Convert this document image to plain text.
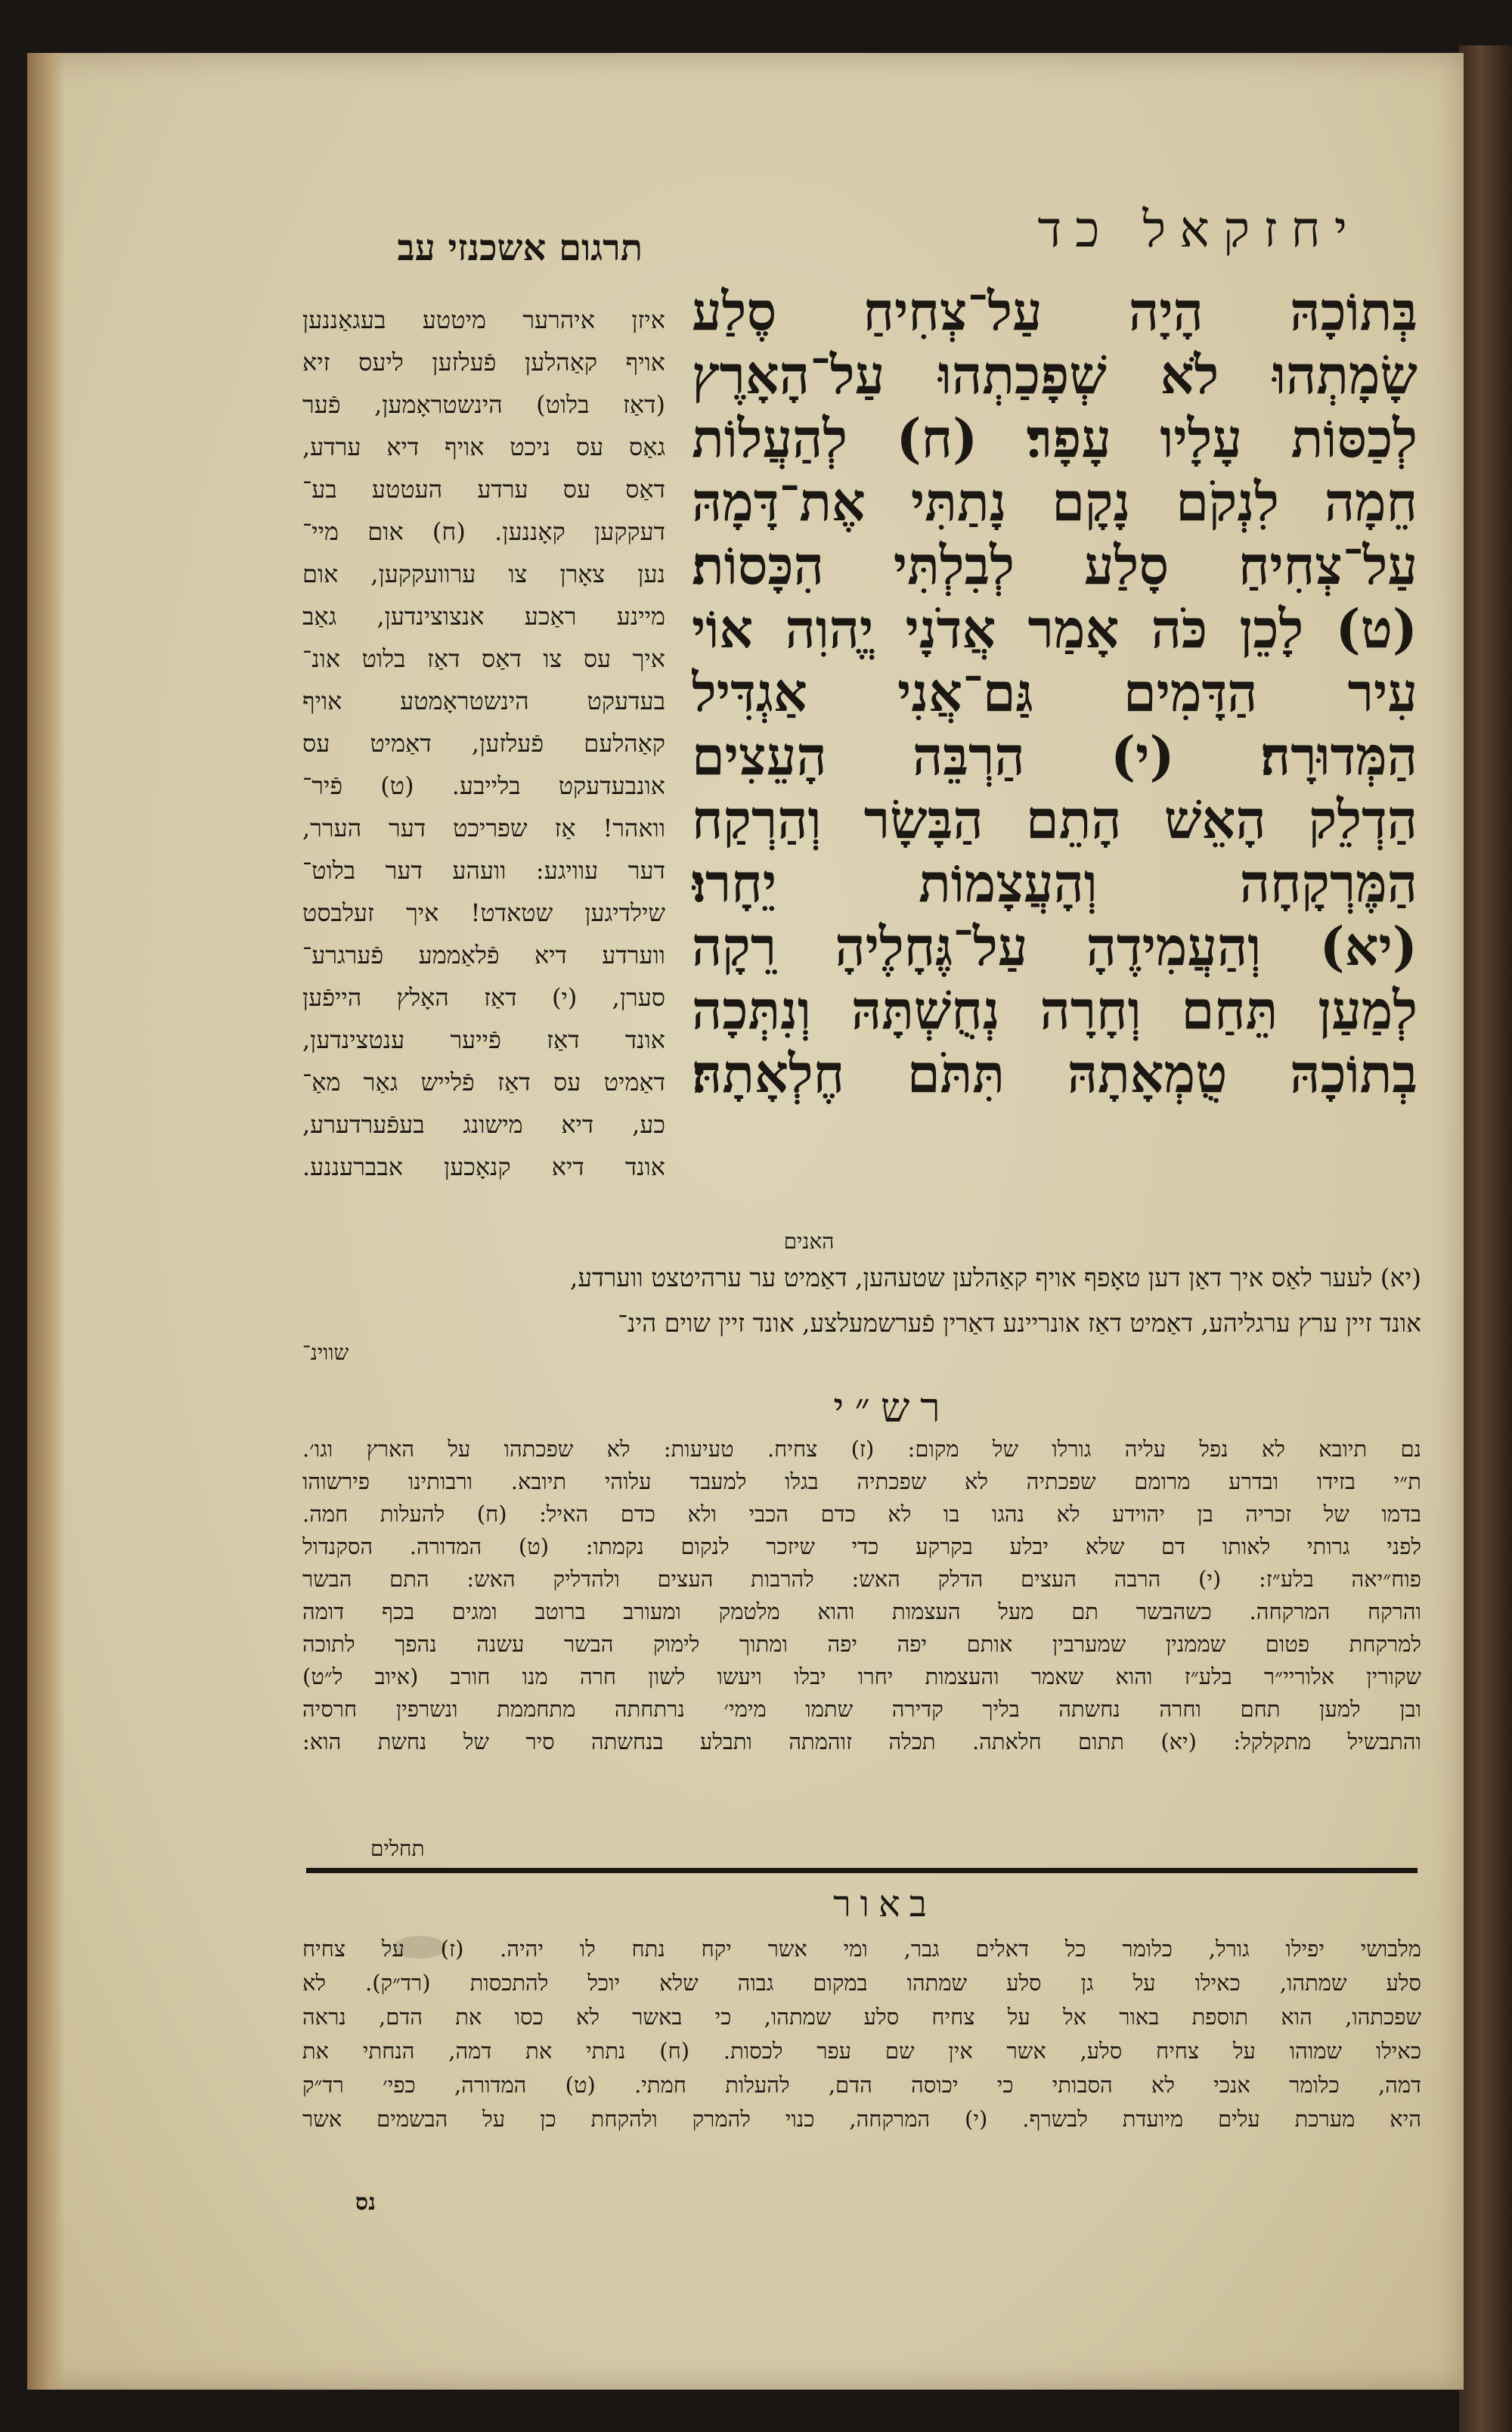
יחזקאל כד
תרגום אשכנזי עב
בְּתוֹכָהּ הָיָה עַל־צְחִיחַ סֶלַע
שָׂמָתְהוּ לֹא שְׁפָכַתְהוּ עַל־הָאָרֶץ
לְכַסּוֹת עָלָיו עָפָר׃ (ח) לְהַעֲלוֹת
חֵמָה לִנְקֹם נָקָם נָתַתִּי אֶת־דָּמָהּ
עַל־צְחִיחַ סָלַע לְבִלְתִּי הִכָּסוֹת׃
(ט) לָכֵן כֹּה אָמַר אֲדֹנָי יֱהוִה אוֹי
עִיר הַדָּמִים גַּם־אֲנִי אַגְדִּיל
הַמְּדוּרָה׃ (י) הַרְבֵּה הָעֵצִים
הַדְלֵק הָאֵשׁ הָתֵם הַבָּשָׂר וְהַרְקַח
הַמֶּרְקָחָה וְהָעֲצָמוֹת יֵחָרוּ׃
(יא) וְהַעֲמִידֶהָ עַל־גֶּחָלֶיהָ רֵקָה
לְמַעַן תֵּחַם וְחָרָה נְחֻשְׁתָּהּ וְנִתְּכָה
בְתוֹכָהּ טֻמְאָתָהּ תִּתֹּם חֶלְאָתָהּ׃
איזן איהרער מיטטע בעגאַננען
אויף קאַהלען פֿעלזען ליעס זיא
(דאַז בלוט) הינשטראָמען, פֿער
גאַס עס ניכט אויף דיא ערדע,
דאַס עס ערדע העטטע בע־
דעקקען קאָננען. (ח) אום מיי־
נען צאָרן צו ערוועקקען, אום
מיינע ראַכע אנצוצינדען, גאַב
איך עס צו דאַס דאַז בלוט אונ־
בעדעקט הינשטראָמטע אויף
קאַהלעם פֿעלזען, דאַמיט עס
אונבעדעקט בלייבע. (ט) פֿיר־
וואהר! אַז שפריכט דער הערר,
דער עוויגע: וועהע דער בלוט־
שילדיגען שטאדט! איך זעלבסט
ווערדע דיא פֿלאַממע פֿערגרע־
סערן, (י) דאַז האָלץ הייפֿען
אונד דאַז פֿייער ענטצינדען,
דאַמיט עס דאַז פֿלייש גאַר מאַ־
כע, דיא מישונג בעפֿערדערע,
אונד דיא קנאָכען אבברעננע.
האנים
(יא) לעער לאַס איך דאַן דען טאָפף אויף קאַהלען שטעהען, דאַמיט ער ערהיטצט ווערדע,
אונד זיין ערץ ערגליהע, דאַמיט דאַז אונריינע דאַרין פֿערשמעלצע, אונד זיין שוים הינ־
שווינ־
רש״י
נם תיובא לא נפל עליה גורלו של מקום: (ז) צחיח. טעיעות: לא שפכתהו על הארץ וגו׳.
ת״י בזידו ובדרע מרומם שפכתיה לא שפכתיה בגלו למעבד עלוהי תיובא. ורבותינו פירשוהו
בדמו של זכריה בן יהוידע לא נהגו בו לא כדם הכבי ולא כדם האיל: (ח) להעלות חמה.
לפני גרותי לאותו דם שלא יבלע בקרקע כדי שיזכר לנקום נקמתו: (ט) המדורה. הסקנדול
פוח״יאה בלע״ז: (י) הרבה העצים הדלק האש: להרבות העצים ולהדליק האש: התם הבשר
והרקח המרקחה. כשהבשר תם מעל העצמות והוא מלטמק ומעורב ברוטב ומגים בכף דומה
למרקחת פטום שממנין שמערבין אותם יפה יפה ומתוך לימוק הבשר עשנה נהפך לתוכה
שקורין אלוריי״ר בלע״ז והוא שאמר והעצמות יחרו יבלו ויעשו לשון חרה מנו חורב (איוב ל״ט)
ובן למען תחם וחרה נחשתה בליך קדירה שתמו מימי׳ נרתחתה מתחממת ונשרפין חרסיה
והתבשיל מתקלקל: (יא) תתום חלאתה. תכלה זוהמתה ותבלע בנחשתה סיר של נחשת הוא:
תחלים
באור
מלבושי יפילו גורל, כלומר כל דאלים גבר, ומי אשר יקח נתח לו יהיה. (ז) על צחיח
סלע שמתהו, כאילו על גן סלע שמתהו במקום גבוה שלא יוכל להתכסות (רד״ק). לא
שפכתהו, הוא תוספת באור אל על צחיח סלע שמתהו, כי באשר לא כסו את הדם, נראה
כאילו שמוהו על צחיח סלע, אשר אין שם עפר לכסות. (ח) נתתי את דמה, הנחתי את
דמה, כלומר אנכי לא הסבותי כי יכוסה הדם, להעלות חמתי. (ט) המדורה, כפי׳ רד״ק
היא מערכת עלים מיועדת לבשרף. (י) המרקחה, כנוי להמרק ולהקחת כן על הבשמים אשר
נס
